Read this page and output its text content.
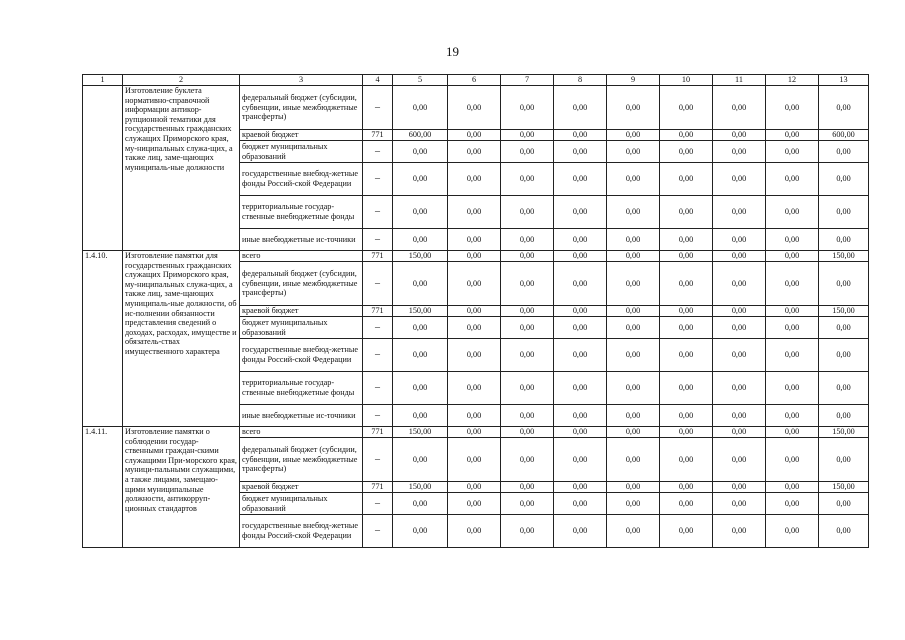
19
1	2	3	4	5	6	7	8	9	10	11	12	13
	Изготовление буклета нормативно-справочной информации антикор-рупционной тематики для государственных гражданских служащих Приморского края, му-ниципальных служа-щих, а также лиц, заме-щающих муниципаль-ные должности	федеральный бюджет (субсидии, субвенции, иные межбюджетные трансферты)	–	0,00	0,00	0,00	0,00	0,00	0,00	0,00	0,00	0,00
		краевой бюджет	771	600,00	0,00	0,00	0,00	0,00	0,00	0,00	0,00	600,00
		бюджет муниципальных образований	–	0,00	0,00	0,00	0,00	0,00	0,00	0,00	0,00	0,00
		государственные внебюд-жетные фонды Россий-ской Федерации	–	0,00	0,00	0,00	0,00	0,00	0,00	0,00	0,00	0,00
		территориальные государ-ственные внебюджетные фонды	–	0,00	0,00	0,00	0,00	0,00	0,00	0,00	0,00	0,00
		иные внебюджетные ис-точники	–	0,00	0,00	0,00	0,00	0,00	0,00	0,00	0,00	0,00
1.4.10.	Изготовление памятки для государственных гражданских служащих Приморского края, му-ниципальных служа-щих, а также лиц, заме-щающих муниципаль-ные должности, об ис-полнении обязанности представления сведений о доходах, расходах, имуществе и обязатель-ствах имущественного характера	всего	771	150,00	0,00	0,00	0,00	0,00	0,00	0,00	0,00	150,00
		федеральный бюджет (субсидии, субвенции, иные межбюджетные трансферты)	–	0,00	0,00	0,00	0,00	0,00	0,00	0,00	0,00	0,00
		краевой бюджет	771	150,00	0,00	0,00	0,00	0,00	0,00	0,00	0,00	150,00
		бюджет муниципальных образований	–	0,00	0,00	0,00	0,00	0,00	0,00	0,00	0,00	0,00
		государственные внебюд-жетные фонды Россий-ской Федерации	–	0,00	0,00	0,00	0,00	0,00	0,00	0,00	0,00	0,00
		территориальные государ-ственные внебюджетные фонды	–	0,00	0,00	0,00	0,00	0,00	0,00	0,00	0,00	0,00
		иные внебюджетные ис-точники	–	0,00	0,00	0,00	0,00	0,00	0,00	0,00	0,00	0,00
1.4.11.	Изготовление памятки о соблюдении государ-ственными граждан-скими служащими При-морского края, муници-пальными служащими, а также лицами, замещаю-щими муниципальные должности, антикорруп-ционных стандартов	всего	771	150,00	0,00	0,00	0,00	0,00	0,00	0,00	0,00	150,00
		федеральный бюджет (субсидии, субвенции, иные межбюджетные трансферты)	–	0,00	0,00	0,00	0,00	0,00	0,00	0,00	0,00	0,00
		краевой бюджет	771	150,00	0,00	0,00	0,00	0,00	0,00	0,00	0,00	150,00
		бюджет муниципальных образований	–	0,00	0,00	0,00	0,00	0,00	0,00	0,00	0,00	0,00
		государственные внебюд-жетные фонды Россий-ской Федерации	–	0,00	0,00	0,00	0,00	0,00	0,00	0,00	0,00	0,00
